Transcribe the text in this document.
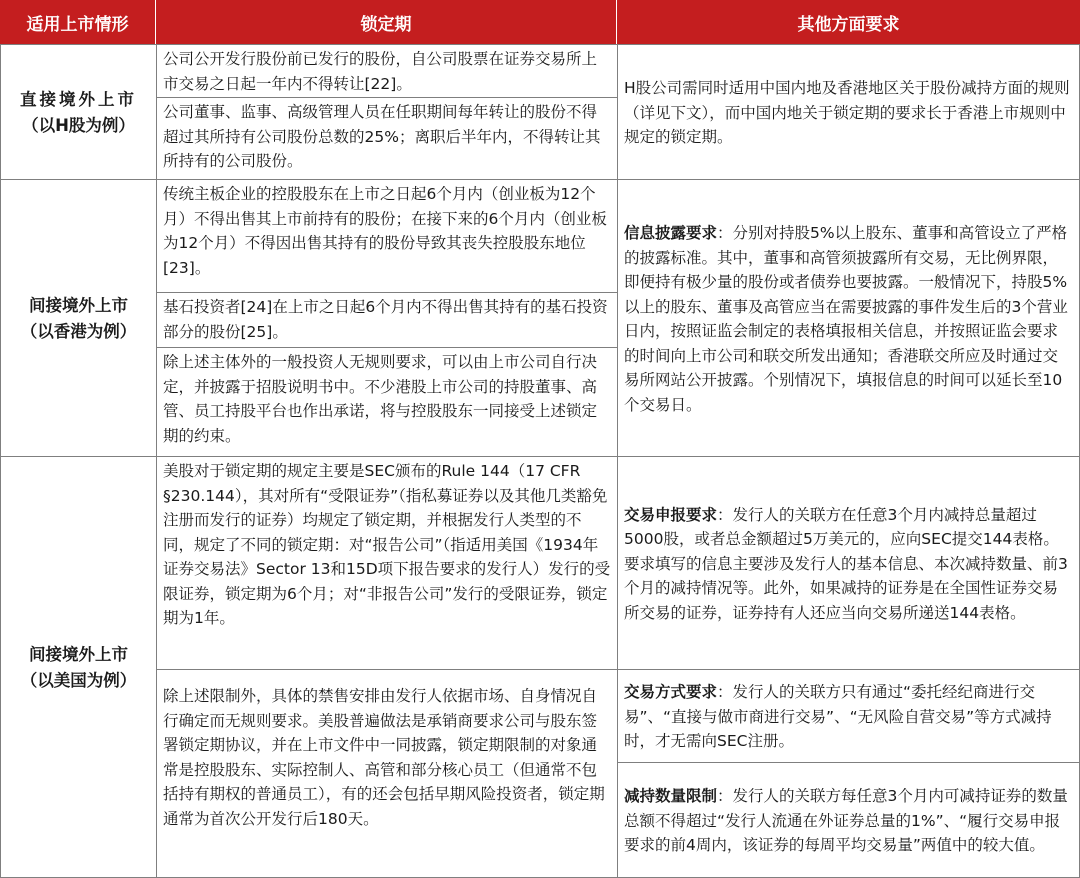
适用上市情形	锁定期	其他方面要求
直接境外上市
（以H股为例）
公司公开发行股份前已发行的股份，自公司股票在证券交易所上市交易之日起一年内不得转让[22]。
公司董事、监事、高级管理人员在任职期间每年转让的股份不得超过其所持有公司股份总数的25%；离职后半年内，不得转让其所持有的公司股份。
H股公司需同时适用中国内地及香港地区关于股份减持方面的规则（详见下文），而中国内地关于锁定期的要求长于香港上市规则中规定的锁定期。
间接境外上市
（以香港为例）
传统主板企业的控股股东在上市之日起6个月内（创业板为12个月）不得出售其上市前持有的股份；在接下来的6个月内（创业板为12个月）不得因出售其持有的股份导致其丧失控股股东地位[23]。
基石投资者[24]在上市之日起6个月内不得出售其持有的基石投资部分的股份[25]。
除上述主体外的一般投资人无规则要求，可以由上市公司自行决定，并披露于招股说明书中。不少港股上市公司的持股董事、高管、员工持股平台也作出承诺，将与控股股东一同接受上述锁定期的约束。
信息披露要求：分别对持股5%以上股东、董事和高管设立了严格的披露标准。其中，董事和高管须披露所有交易，无比例界限，即便持有极少量的股份或者债券也要披露。一般情况下，持股5%以上的股东、董事及高管应当在需要披露的事件发生后的3个营业日内，按照证监会制定的表格填报相关信息，并按照证监会要求的时间向上市公司和联交所发出通知；香港联交所应及时通过交易所网站公开披露。个别情况下，填报信息的时间可以延长至10个交易日。
间接境外上市
（以美国为例）
美股对于锁定期的规定主要是SEC颁布的Rule 144（17 CFR §230.144），其对所有“受限证券”（指私募证券以及其他几类豁免注册而发行的证券）均规定了锁定期，并根据发行人类型的不同，规定了不同的锁定期：对“报告公司”（指适用美国《1934年证券交易法》Sector 13和15D项下报告要求的发行人）发行的受限证券，锁定期为6个月；对“非报告公司”发行的受限证券，锁定期为1年。
除上述限制外，具体的禁售安排由发行人依据市场、自身情况自行确定而无规则要求。美股普遍做法是承销商要求公司与股东签署锁定期协议，并在上市文件中一同披露，锁定期限制的对象通常是控股股东、实际控制人、高管和部分核心员工（但通常不包括持有期权的普通员工），有的还会包括早期风险投资者，锁定期通常为首次公开发行后180天。
交易申报要求：发行人的关联方在任意3个月内减持总量超过5000股，或者总金额超过5万美元的，应向SEC提交144表格。要求填写的信息主要涉及发行人的基本信息、本次减持数量、前3个月的减持情况等。此外，如果减持的证券是在全国性证券交易所交易的证券，证券持有人还应当向交易所递送144表格。
交易方式要求：发行人的关联方只有通过“委托经纪商进行交易”、“直接与做市商进行交易”、“无风险自营交易”等方式减持时，才无需向SEC注册。
减持数量限制：发行人的关联方每任意3个月内可减持证券的数量总额不得超过“发行人流通在外证券总量的1%”、“履行交易申报要求的前4周内，该证券的每周平均交易量”两值中的较大值。
